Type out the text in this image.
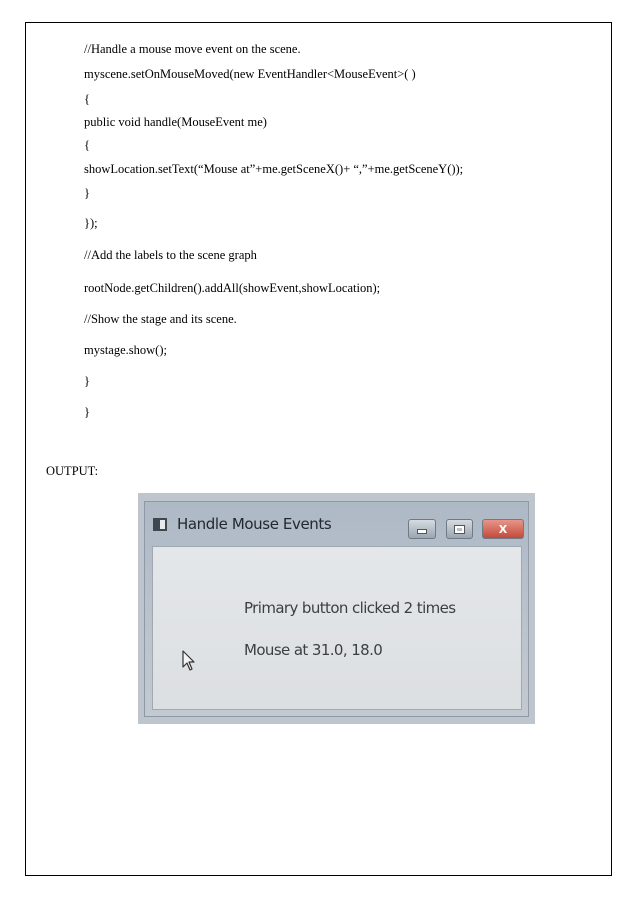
//Handle a mouse move event on the scene.
myscene.setOnMouseMoved(new EventHandler<MouseEvent>( )
{
public void handle(MouseEvent me)
{
showLocation.setText(“Mouse at”+me.getSceneX()+ “,”+me.getSceneY());
}
});
//Add the labels to the scene graph
rootNode.getChildren().addAll(showEvent,showLocation);
//Show the stage and its scene.
mystage.show();
}
}
OUTPUT:
Handle Mouse Events	X
Primary button clicked 2 times
Mouse at 31.0, 18.0
